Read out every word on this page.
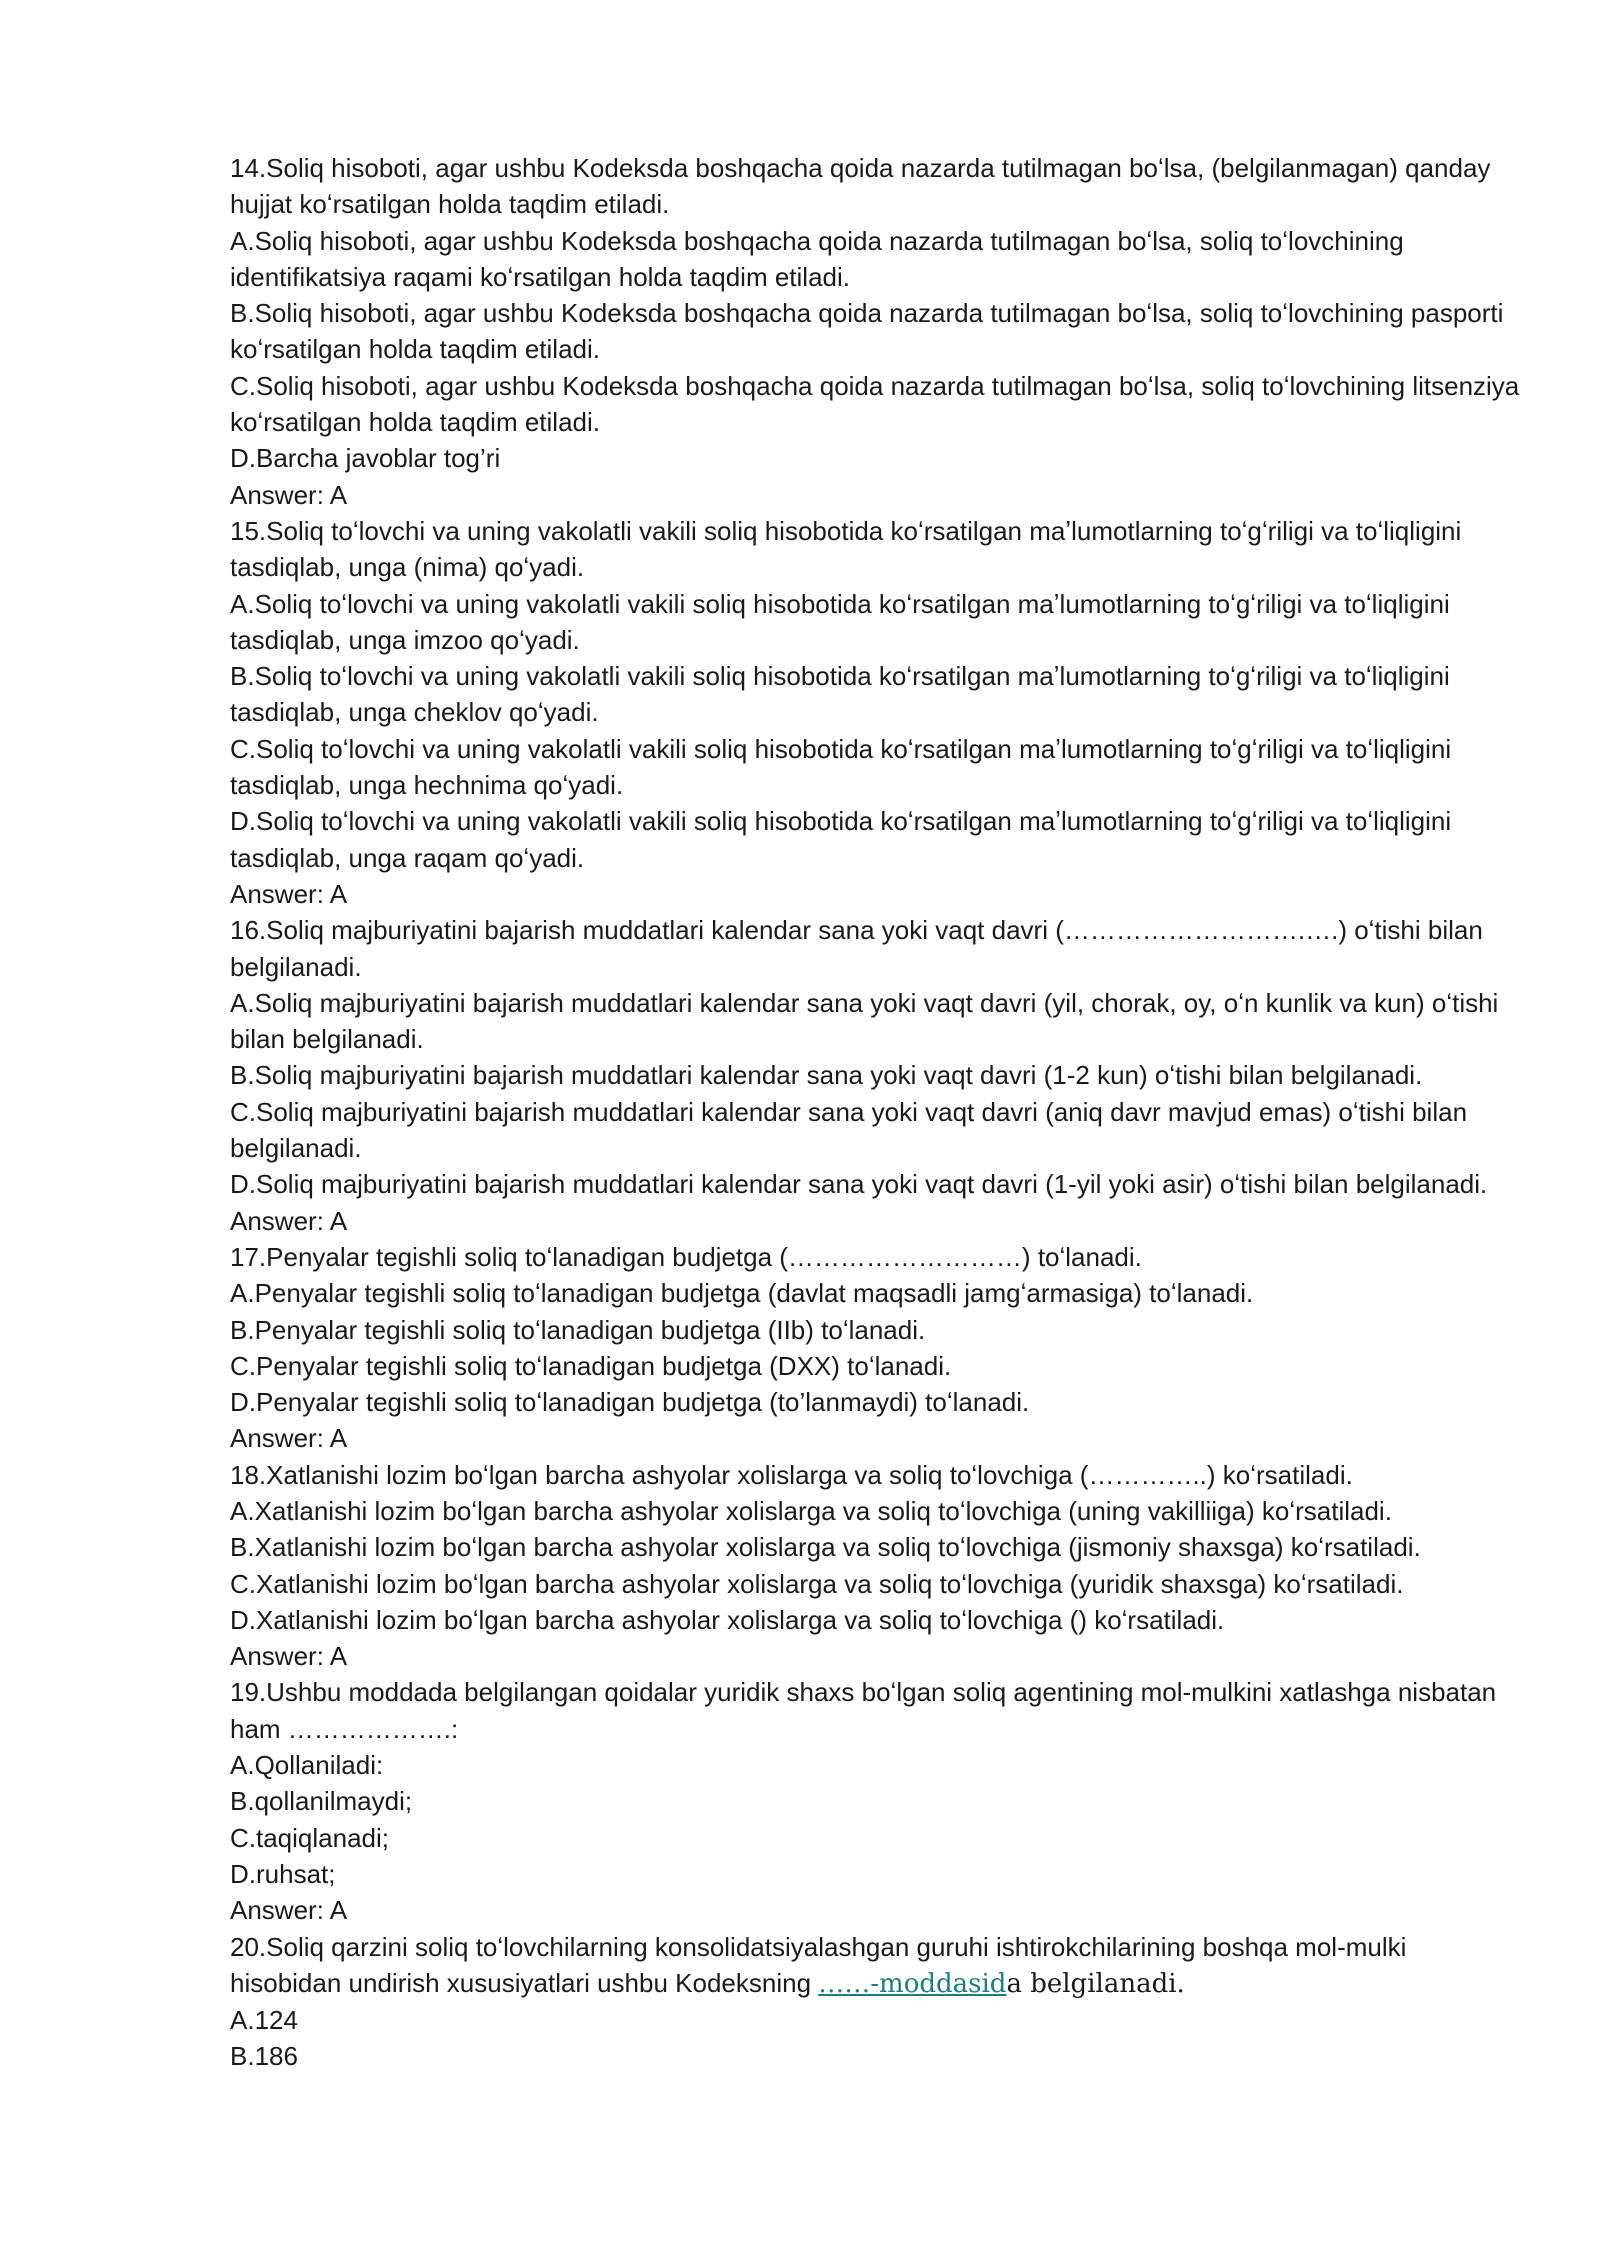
14.Soliq hisoboti, agar ushbu Kodeksda boshqacha qoida nazarda tutilmagan boʻlsa, (belgilanmagan) qanday hujjat koʻrsatilgan holda taqdim etiladi.

A.Soliq hisoboti, agar ushbu Kodeksda boshqacha qoida nazarda tutilmagan boʻlsa, soliq toʻlovchining identifikatsiya raqami koʻrsatilgan holda taqdim etiladi.

B.Soliq hisoboti, agar ushbu Kodeksda boshqacha qoida nazarda tutilmagan boʻlsa, soliq toʻlovchining pasporti koʻrsatilgan holda taqdim etiladi.

C.Soliq hisoboti, agar ushbu Kodeksda boshqacha qoida nazarda tutilmagan boʻlsa, soliq toʻlovchining litsenziya koʻrsatilgan holda taqdim etiladi.

D.Barcha javoblar tog’ri

Answer: A

15.Soliq toʻlovchi va uning vakolatli vakili soliq hisobotida koʻrsatilgan maʼlumotlarning toʻgʻriligi va toʻliqligini tasdiqlab, unga (nima) qoʻyadi.

A.Soliq toʻlovchi va uning vakolatli vakili soliq hisobotida koʻrsatilgan maʼlumotlarning toʻgʻriligi va toʻliqligini tasdiqlab, unga imzoo qoʻyadi.

B.Soliq toʻlovchi va uning vakolatli vakili soliq hisobotida koʻrsatilgan maʼlumotlarning toʻgʻriligi va toʻliqligini tasdiqlab, unga cheklov qoʻyadi.

C.Soliq toʻlovchi va uning vakolatli vakili soliq hisobotida koʻrsatilgan maʼlumotlarning toʻgʻriligi va toʻliqligini tasdiqlab, unga hechnima qoʻyadi.

D.Soliq toʻlovchi va uning vakolatli vakili soliq hisobotida koʻrsatilgan maʼlumotlarning toʻgʻriligi va toʻliqligini tasdiqlab, unga raqam qoʻyadi.

Answer: A

16.Soliq majburiyatini bajarish muddatlari kalendar sana yoki vaqt davri (……………………….….) oʻtishi bilan belgilanadi.

A.Soliq majburiyatini bajarish muddatlari kalendar sana yoki vaqt davri (yil, chorak, oy, oʻn kunlik va kun) oʻtishi bilan belgilanadi.

B.Soliq majburiyatini bajarish muddatlari kalendar sana yoki vaqt davri (1-2 kun) oʻtishi bilan belgilanadi.

C.Soliq majburiyatini bajarish muddatlari kalendar sana yoki vaqt davri (aniq davr mavjud emas) oʻtishi bilan belgilanadi.

D.Soliq majburiyatini bajarish muddatlari kalendar sana yoki vaqt davri (1-yil yoki asir) oʻtishi bilan belgilanadi.

Answer: A

17.Penyalar tegishli soliq toʻlanadigan budjetga (………………………) toʻlanadi.

A.Penyalar tegishli soliq toʻlanadigan budjetga (davlat maqsadli jamgʻarmasiga) toʻlanadi.

B.Penyalar tegishli soliq toʻlanadigan budjetga (IIb) toʻlanadi.

C.Penyalar tegishli soliq toʻlanadigan budjetga (DXX) toʻlanadi.

D.Penyalar tegishli soliq toʻlanadigan budjetga (to’lanmaydi) toʻlanadi.

Answer: A

18.Xatlanishi lozim boʻlgan barcha ashyolar xolislarga va soliq toʻlovchiga (…………..) koʻrsatiladi.

A.Xatlanishi lozim boʻlgan barcha ashyolar xolislarga va soliq toʻlovchiga (uning vakilliiga) koʻrsatiladi.

B.Xatlanishi lozim boʻlgan barcha ashyolar xolislarga va soliq toʻlovchiga (jismoniy shaxsga) koʻrsatiladi.

C.Xatlanishi lozim boʻlgan barcha ashyolar xolislarga va soliq toʻlovchiga (yuridik shaxsga) koʻrsatiladi.

D.Xatlanishi lozim boʻlgan barcha ashyolar xolislarga va soliq toʻlovchiga () koʻrsatiladi.

Answer: A

19.Ushbu moddada belgilangan qoidalar yuridik shaxs boʻlgan soliq agentining mol-mulkini xatlashga nisbatan ham ……………….:

A.Qollaniladi:

B.qollanilmaydi;

C.taqiqlanadi;

D.ruhsat;

Answer: A

20.Soliq qarzini soliq toʻlovchilarning konsolidatsiyalashgan guruhi ishtirokchilarining boshqa mol-mulki hisobidan undirish xususiyatlari ushbu Kodeksning ……-moddasida belgilanadi.

A.124

B.186
